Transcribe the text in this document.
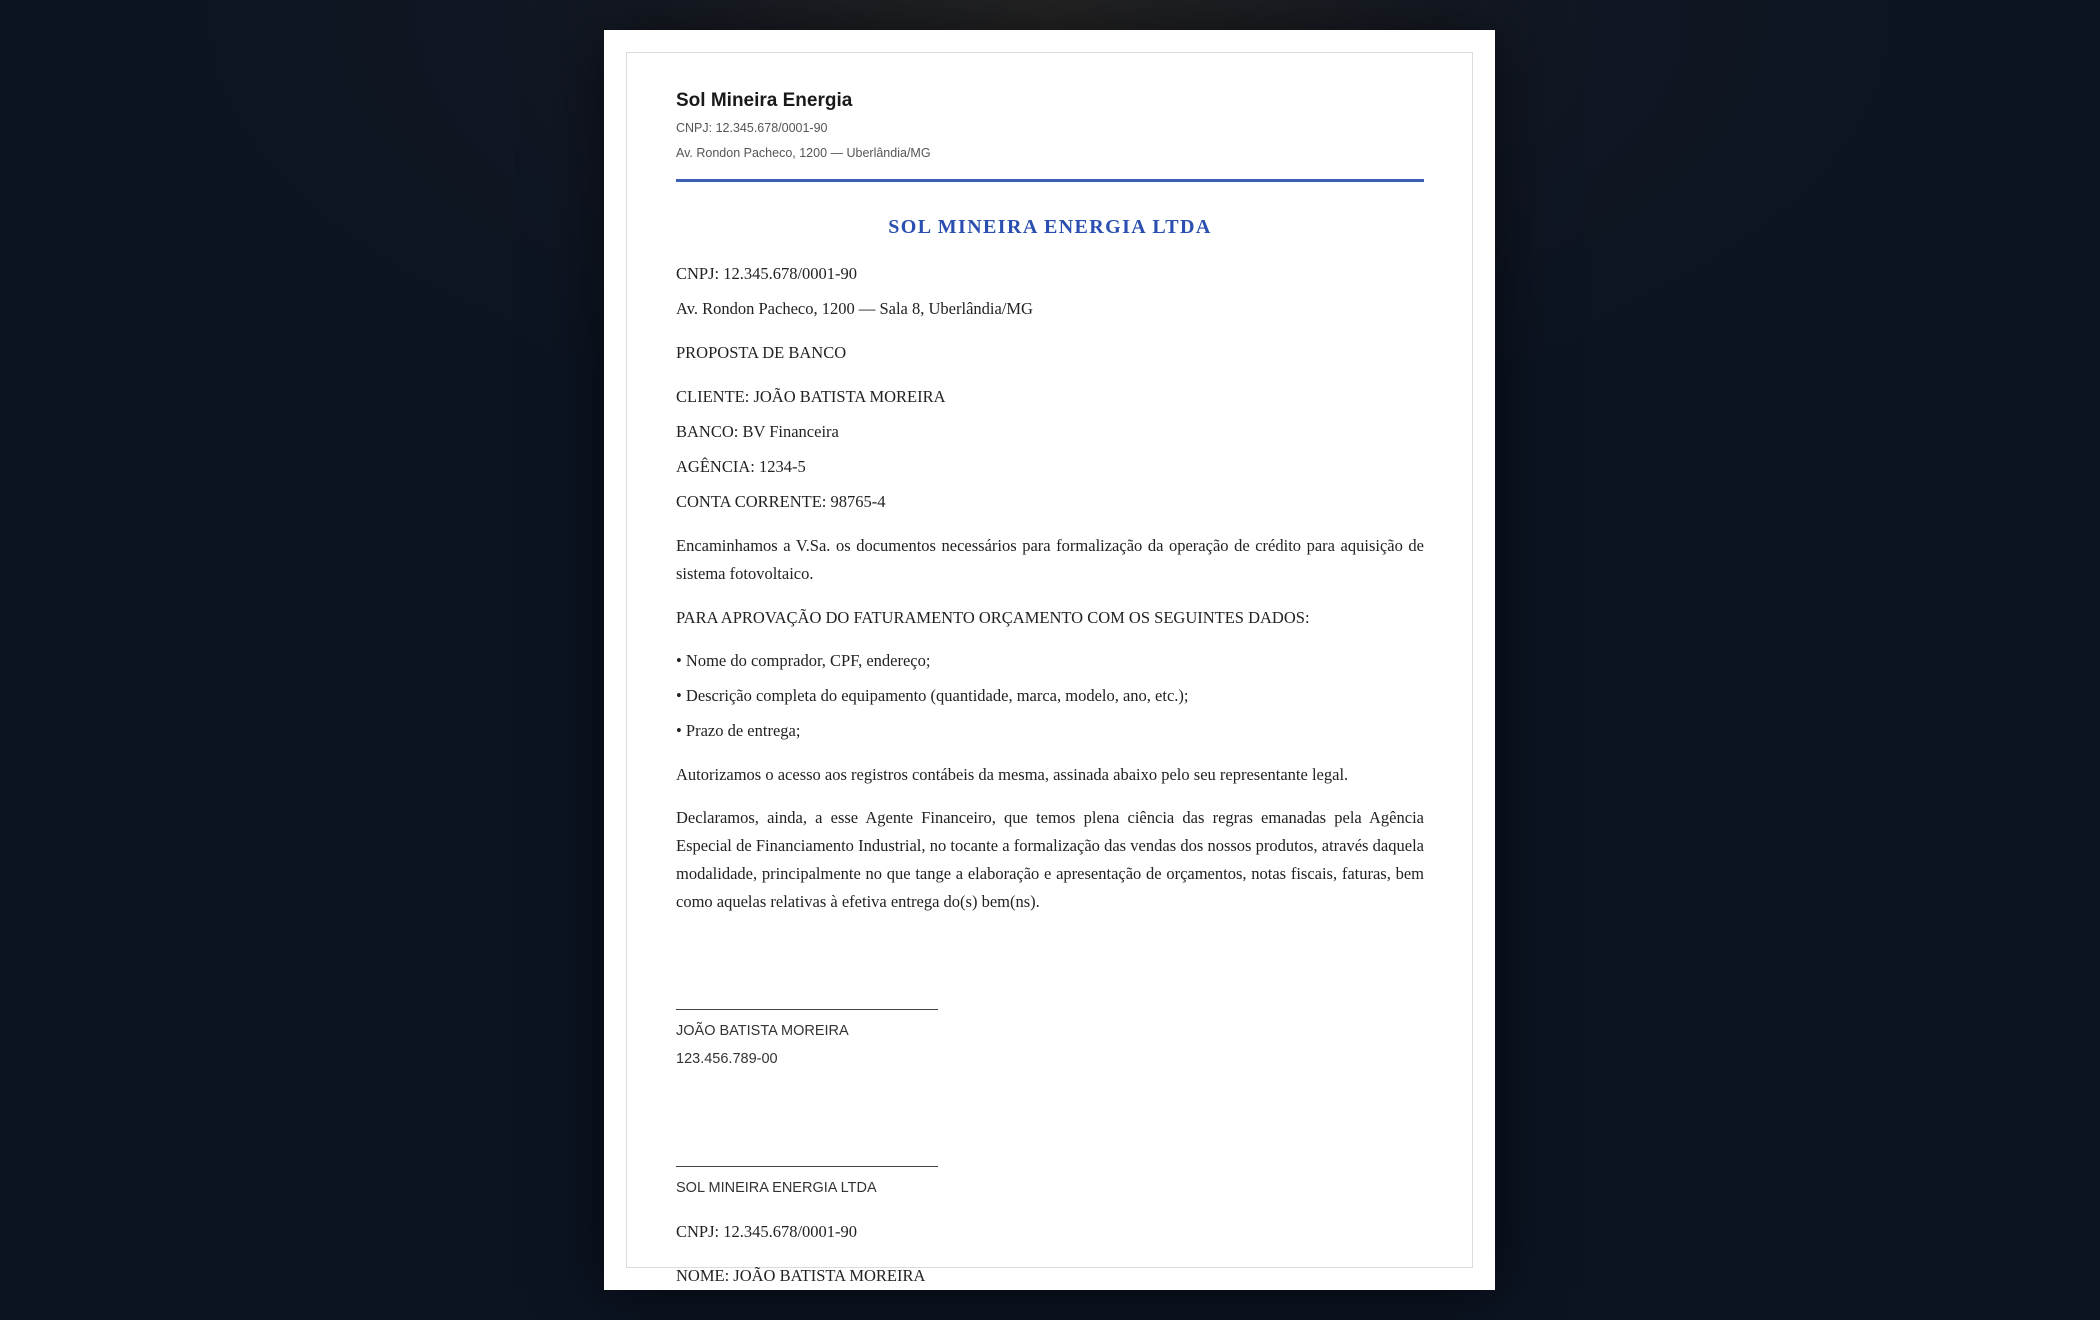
Sol Mineira Energia

CNPJ: 12.345.678/0001-90

Av. Rondon Pacheco, 1200 — Uberlândia/MG

SOL MINEIRA ENERGIA LTDA

CNPJ: 12.345.678/0001-90

Av. Rondon Pacheco, 1200 — Sala 8, Uberlândia/MG

PROPOSTA DE BANCO

CLIENTE: JOÃO BATISTA MOREIRA

BANCO: BV Financeira

AGÊNCIA: 1234-5

CONTA CORRENTE: 98765-4

Encaminhamos a V.Sa. os documentos necessários para formalização da operação de crédito para aquisição de sistema fotovoltaico.

PARA APROVAÇÃO DO FATURAMENTO ORÇAMENTO COM OS SEGUINTES DADOS:

• Nome do comprador, CPF, endereço;

• Descrição completa do equipamento (quantidade, marca, modelo, ano, etc.);

• Prazo de entrega;

Autorizamos o acesso aos registros contábeis da mesma, assinada abaixo pelo seu representante legal.

Declaramos, ainda, a esse Agente Financeiro, que temos plena ciência das regras emanadas pela Agência Especial de Financiamento Industrial, no tocante a formalização das vendas dos nossos produtos, através daquela modalidade, principalmente no que tange a elaboração e apresentação de orçamentos, notas fiscais, faturas, bem como aquelas relativas à efetiva entrega do(s) bem(ns).

JOÃO BATISTA MOREIRA

123.456.789-00

SOL MINEIRA ENERGIA LTDA

CNPJ: 12.345.678/0001-90

NOME: JOÃO BATISTA MOREIRA
